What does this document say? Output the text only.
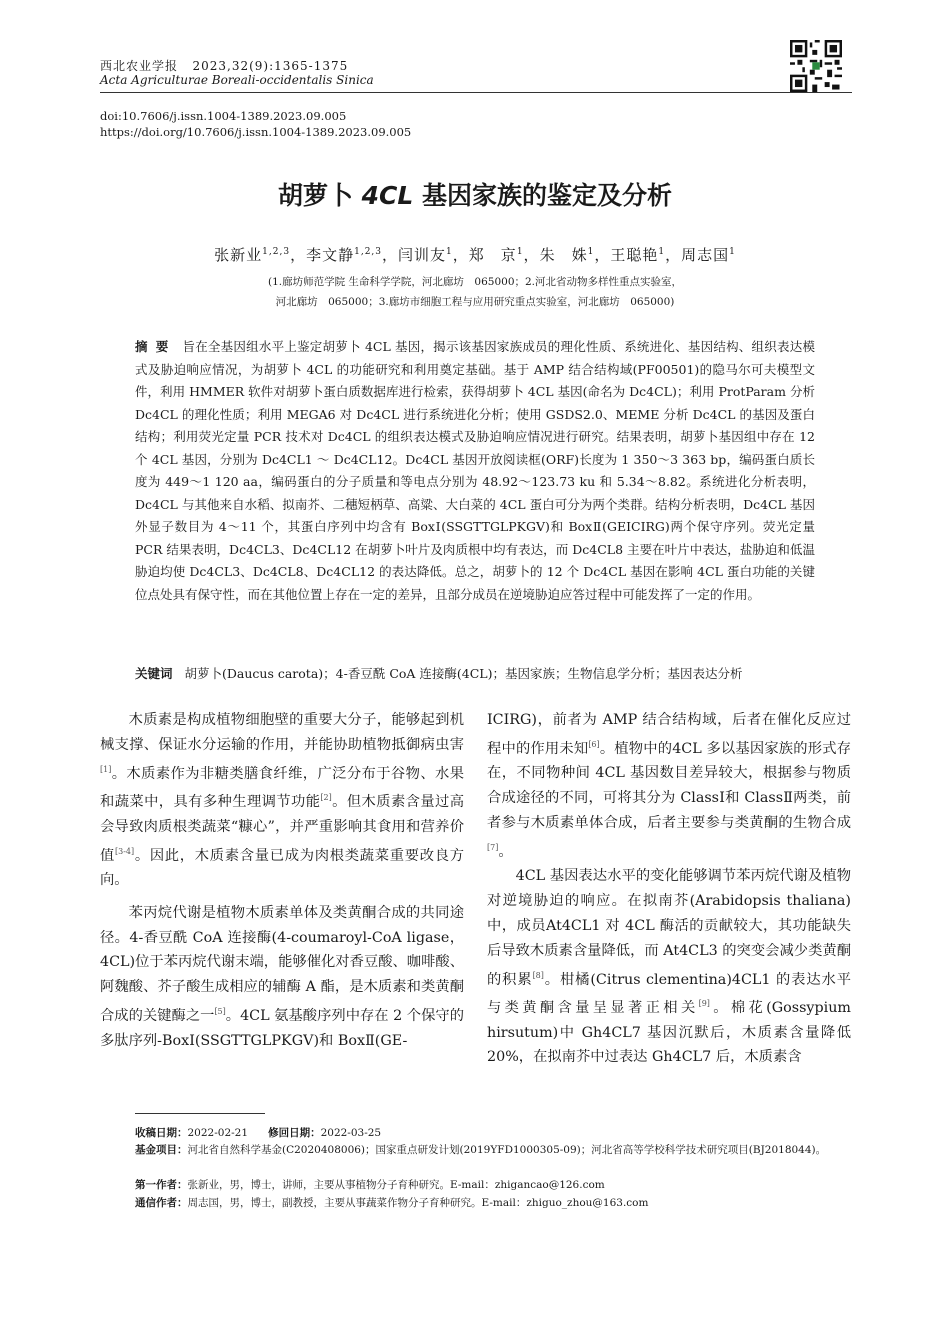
西北农业学报 2023,32(9):1365-1375
Acta Agriculturae Boreali-occidentalis Sinica
doi:10.7606/j.issn.1004-1389.2023.09.005
https://doi.org/10.7606/j.issn.1004-1389.2023.09.005
胡萝卜 4CL 基因家族的鉴定及分析
张新业$^{1,2,3}$，李文静$^{1,2,3}$，闫训友$^1$，郑　京$^1$，朱　姝$^1$，王聪艳$^1$，周志国$^1$
(1.廊坊师范学院 生命科学学院，河北廊坊　065000；2.河北省动物多样性重点实验室，
河北廊坊　065000；3.廊坊市细胞工程与应用研究重点实验室，河北廊坊　065000)
摘要 旨在全基因组水平上鉴定胡萝卜 4CL 基因，揭示该基因家族成员的理化性质、系统进化、基因结构、组织表达模式及胁迫响应情况，为胡萝卜 4CL 的功能研究和利用奠定基础。基于 AMP 结合结构域(PF00501)的隐马尔可夫模型文件，利用 HMMER 软件对胡萝卜蛋白质数据库进行检索，获得胡萝卜 4CL 基因(命名为 Dc4CL)；利用 ProtParam 分析 Dc4CL 的理化性质；利用 MEGA6 对 Dc4CL 进行系统进化分析；使用 GSDS2.0、MEME 分析 Dc4CL 的基因及蛋白结构；利用荧光定量 PCR 技术对 Dc4CL 的组织表达模式及胁迫响应情况进行研究。结果表明，胡萝卜基因组中存在 12 个 4CL 基因，分别为 Dc4CL1 ～ Dc4CL12。Dc4CL 基因开放阅读框(ORF)长度为 1 350～3 363 bp，编码蛋白质长度为 449～1 120 aa，编码蛋白的分子质量和等电点分别为 48.92～123.73 ku 和 5.34～8.82。系统进化分析表明，Dc4CL 与其他来自水稻、拟南芥、二穗短柄草、高粱、大白菜的 4CL 蛋白可分为两个类群。结构分析表明，Dc4CL 基因外显子数目为 4～11 个，其蛋白序列中均含有 BoxⅠ(SSGTTGLPKGV)和 BoxⅡ(GEICIRG)两个保守序列。荧光定量 PCR 结果表明，Dc4CL3、Dc4CL12 在胡萝卜叶片及肉质根中均有表达，而 Dc4CL8 主要在叶片中表达，盐胁迫和低温胁迫均使 Dc4CL3、Dc4CL8、Dc4CL12 的表达降低。总之，胡萝卜的 12 个 Dc4CL 基因在影响 4CL 蛋白功能的关键位点处具有保守性，而在其他位置上存在一定的差异，且部分成员在逆境胁迫应答过程中可能发挥了一定的作用。
关键词 胡萝卜(Daucus carota)；4-香豆酰 CoA 连接酶(4CL)；基因家族；生物信息学分析；基因表达分析

木质素是构成植物细胞壁的重要大分子，能够起到机械支撑、保证水分运输的作用，并能协助植物抵御病虫害[1]。木质素作为非糖类膳食纤维，广泛分布于谷物、水果和蔬菜中，具有多种生理调节功能[2]。但木质素含量过高会导致肉质根类蔬菜“糠心”，并严重影响其食用和营养价值[3-4]。因此，木质素含量已成为肉根类蔬菜重要改良方向。

苯丙烷代谢是植物木质素单体及类黄酮合成的共同途径。4-香豆酰 CoA 连接酶(4-coumaroyl-CoA ligase，4CL)位于苯丙烷代谢末端，能够催化对香豆酸、咖啡酸、阿魏酸、芥子酸生成相应的辅酶 A 酯，是木质素和类黄酮合成的关键酶之一[5]。4CL 氨基酸序列中存在 2 个保守的多肽序列-BoxⅠ(SSGTTGLPKGV)和 BoxⅡ(GE-

ICIRG)，前者为 AMP 结合结构域，后者在催化反应过程中的作用未知[6]。植物中的4CL 多以基因家族的形式存在，不同物种间 4CL 基因数目差异较大，根据参与物质合成途径的不同，可将其分为 ClassⅠ和 ClassⅡ两类，前者参与木质素单体合成，后者主要参与类黄酮的生物合成[7]。

4CL 基因表达水平的变化能够调节苯丙烷代谢及植物对逆境胁迫的响应。在拟南芥(Arabidopsis thaliana)中，成员At4CL1 对 4CL 酶活的贡献较大，其功能缺失后导致木质素含量降低，而 At4CL3 的突变会减少类黄酮的积累[8]。柑橘(Citrus clementina)4CL1 的表达水平与类黄酮含量呈显著正相关[9]。棉花(Gossypium hirsutum)中 Gh4CL7 基因沉默后，木质素含量降低 20%，在拟南芥中过表达 Gh4CL7 后，木质素含

收稿日期：2022-02-21 修回日期：2022-03-25
基金项目：河北省自然科学基金(C2020408006)；国家重点研发计划(2019YFD1000305-09)；河北省高等学校科学技术研究项目(BJ2018044)。
第一作者：张新业，男，博士，讲师，主要从事植物分子育种研究。E-mail：zhigancao@126.com
通信作者：周志国，男，博士，副教授，主要从事蔬菜作物分子育种研究。E-mail：zhiguo_zhou@163.com
